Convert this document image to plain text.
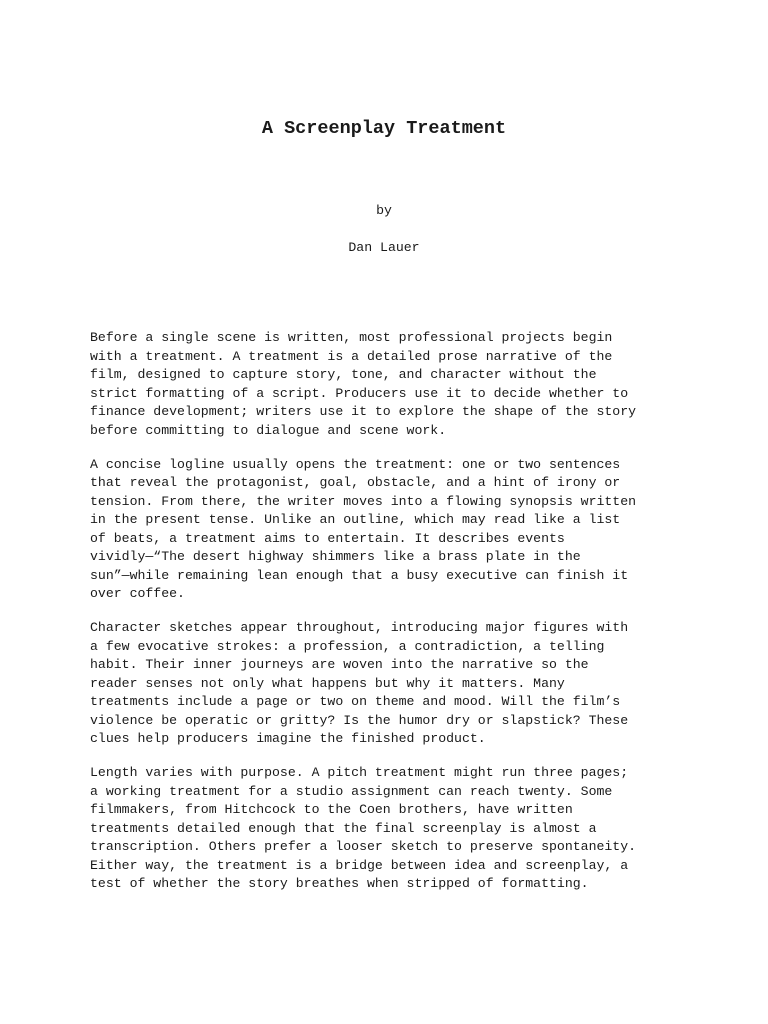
A Screenplay Treatment

by

Dan Lauer

Before a single scene is written, most professional projects begin
with a treatment. A treatment is a detailed prose narrative of the
film, designed to capture story, tone, and character without the
strict formatting of a script. Producers use it to decide whether to
finance development; writers use it to explore the shape of the story
before committing to dialogue and scene work.

A concise logline usually opens the treatment: one or two sentences
that reveal the protagonist, goal, obstacle, and a hint of irony or
tension. From there, the writer moves into a flowing synopsis written
in the present tense. Unlike an outline, which may read like a list
of beats, a treatment aims to entertain. It describes events
vividly—“The desert highway shimmers like a brass plate in the
sun”—while remaining lean enough that a busy executive can finish it
over coffee.

Character sketches appear throughout, introducing major figures with
a few evocative strokes: a profession, a contradiction, a telling
habit. Their inner journeys are woven into the narrative so the
reader senses not only what happens but why it matters. Many
treatments include a page or two on theme and mood. Will the film’s
violence be operatic or gritty? Is the humor dry or slapstick? These
clues help producers imagine the finished product.

Length varies with purpose. A pitch treatment might run three pages;
a working treatment for a studio assignment can reach twenty. Some
filmmakers, from Hitchcock to the Coen brothers, have written
treatments detailed enough that the final screenplay is almost a
transcription. Others prefer a looser sketch to preserve spontaneity.
Either way, the treatment is a bridge between idea and screenplay, a
test of whether the story breathes when stripped of formatting.
